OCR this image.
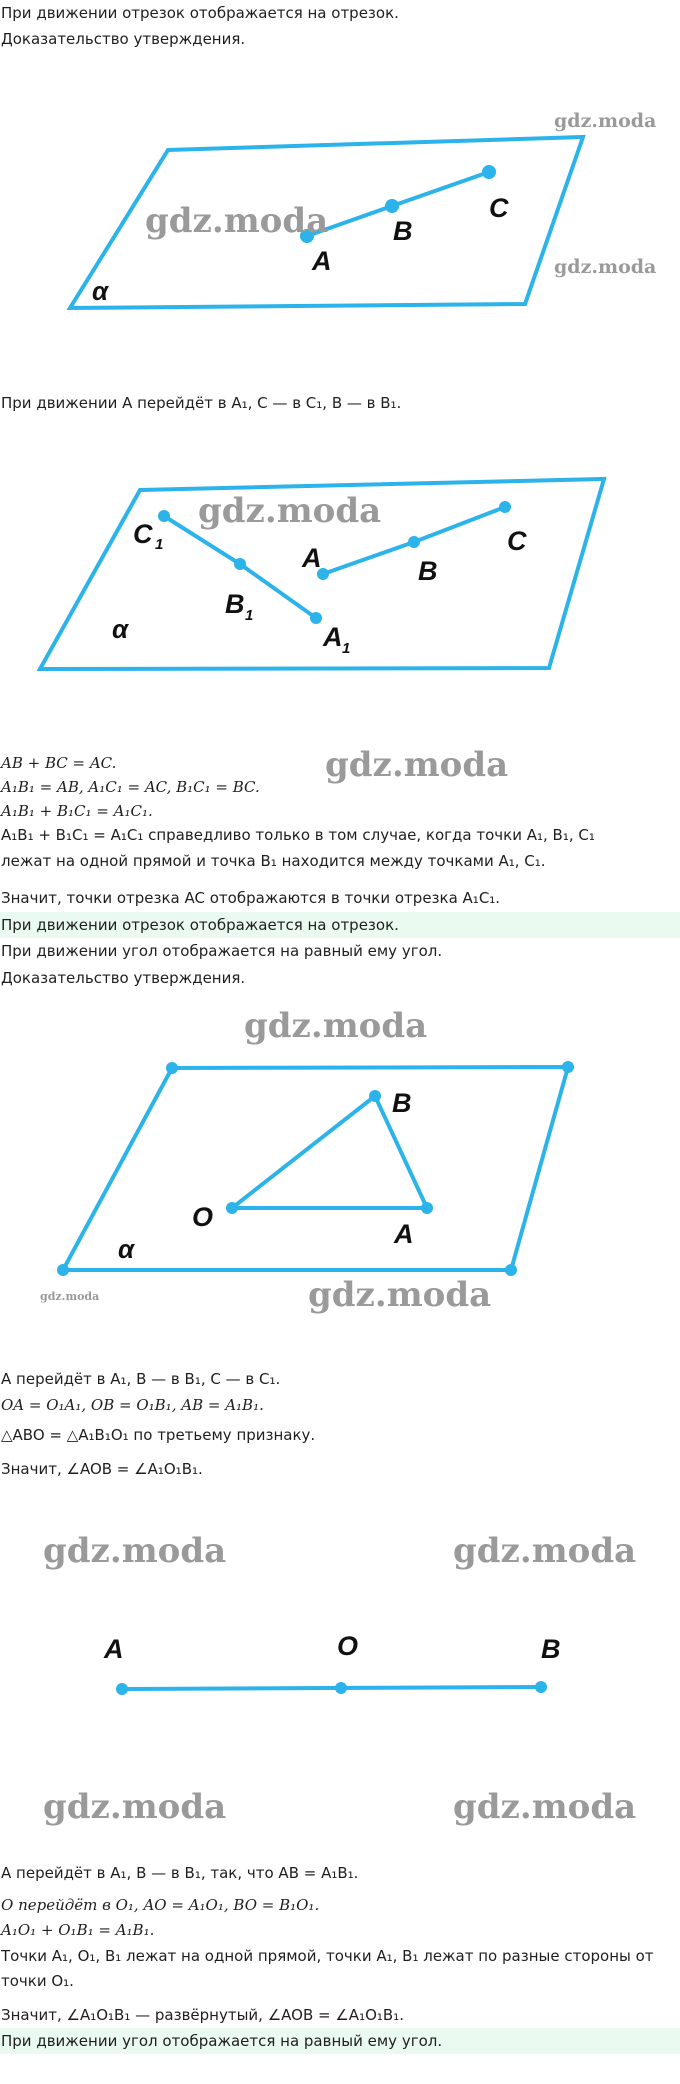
При движении отрезок отображается на отрезок.
Доказательство утверждения.
A
B
C
α
gdz.moda
gdz.moda
gdz.moda
При движении A перейдёт в A₁, C — в C₁, B — в B₁.
C 1
B 1
A 1
A	B
C
α
gdz.moda
AB + BC = AC.
A₁B₁ = AB, A₁C₁ = AC, B₁C₁ = BC.
gdz.moda
A₁B₁ + B₁C₁ = A₁C₁.
A₁B₁ + B₁C₁ = A₁C₁ справедливо только в том случае, когда точки A₁, B₁, C₁
лежат на одной прямой и точка B₁ находится между точками A₁, C₁.
Значит, точки отрезка AC отображаются в точки отрезка A₁C₁.
При движении отрезок отображается на отрезок.
При движении угол отображается на равный ему угол.
Доказательство утверждения.
O
A
B
α
gdz.moda
gdz.moda
gdz.moda
A перейдёт в A₁, B — в B₁, C — в C₁.
OA = O₁A₁, OB = O₁B₁, AB = A₁B₁.
△ABO = △A₁B₁O₁ по третьему признаку.
Значит, ∠AOB = ∠A₁O₁B₁.
A	O	B
gdz.moda	gdz.moda
gdz.moda	gdz.moda
A перейдёт в A₁, B — в B₁, так, что AB = A₁B₁.
O перейдёт в O₁, AO = A₁O₁, BO = B₁O₁.
A₁O₁ + O₁B₁ = A₁B₁.
Точки A₁, O₁, B₁ лежат на одной прямой, точки A₁, B₁ лежат по разные стороны от
точки O₁.
Значит, ∠A₁O₁B₁ — развёрнутый, ∠AOB = ∠A₁O₁B₁.
При движении угол отображается на равный ему угол.
